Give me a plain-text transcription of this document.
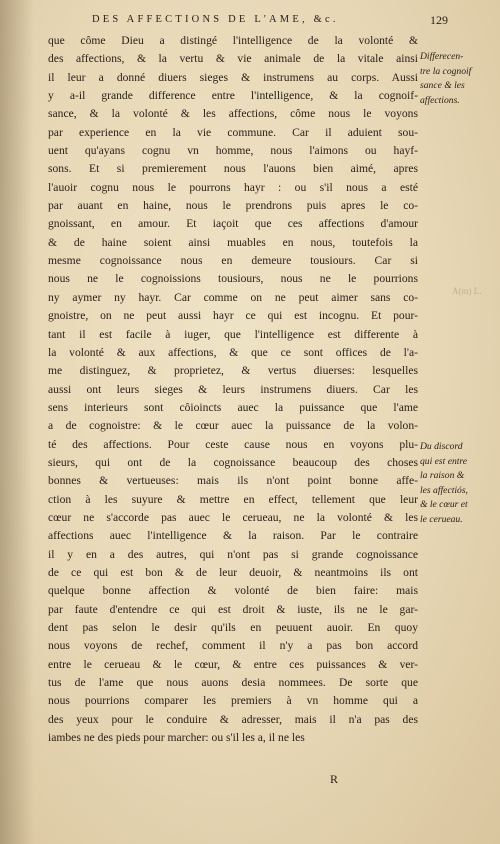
DES AFFECTIONS DE L'AME, &c.	129
que côme Dieu a distingé l'intelligence de la volonté &
des affections, & la vertu & vie animale de la vitale ainsi
il leur a donné diuers sieges & instrumens au corps. Aussi
y a-il grande difference entre l'intelligence, & la cognoif-
sance, & la volonté & les affections, côme nous le voyons
par experience en la vie commune. Car il aduient sou-
uent qu'ayans cognu vn homme, nous l'aimons ou hayf-
sons. Et si premierement nous l'auons bien aimé, apres
l'auoir cognu nous le pourrons hayr : ou s'il nous a esté
par auant en haine, nous le prendrons puis apres le co-
gnoissant, en amour. Et iaçoit que ces affections d'amour
& de haine soient ainsi muables en nous, toutefois la
mesme cognoissance nous en demeure tousiours. Car si
nous ne le cognoissions tousiours, nous ne le pourrions
ny aymer ny hayr. Car comme on ne peut aimer sans co-
gnoistre, on ne peut aussi hayr ce qui est incognu. Et pour-
tant il est facile à iuger, que l'intelligence est differente à
la volonté & aux affections, & que ce sont offices de l'a-
me distinguez, & proprietez, & vertus diuerses: lesquelles
aussi ont leurs sieges & leurs instrumens diuers. Car les
sens interieurs sont côioincts auec la puissance que l'ame
a de cognoistre: & le cœur auec la puissance de la volon-
té des affections. Pour ceste cause nous en voyons plu-
sieurs, qui ont de la cognoissance beaucoup des choses
bonnes & vertueuses: mais ils n'ont point bonne affe-
ction à les suyure & mettre en effect, tellement que leur
cœur ne s'accorde pas auec le cerueau, ne la volonté & les
affections auec l'intelligence & la raison. Par le contraire
il y en a des autres, qui n'ont pas si grande cognoissance
de ce qui est bon & de leur deuoir, & neantmoins ils ont
quelque bonne affection & volonté de bien faire: mais
par faute d'entendre ce qui est droit & iuste, ils ne le gar-
dent pas selon le desir qu'ils en peuuent auoir. En quoy
nous voyons de rechef, comment il n'y a pas bon accord
entre le cerueau & le cœur, & entre ces puissances & ver-
tus de l'ame que nous auons desia nommees. De sorte que
nous pourrions comparer les premiers à vn homme qui a
des yeux pour le conduire & adresser, mais il n'a pas des
iambes ne des pieds pour marcher: ou s'il les a, il ne les
Differecen-
tre la cognoif
sance & les
affections.
Du discord
qui est entre
la raison &
les affectiós,
& le cœur et
le cerueau.
A(m) L.
R
